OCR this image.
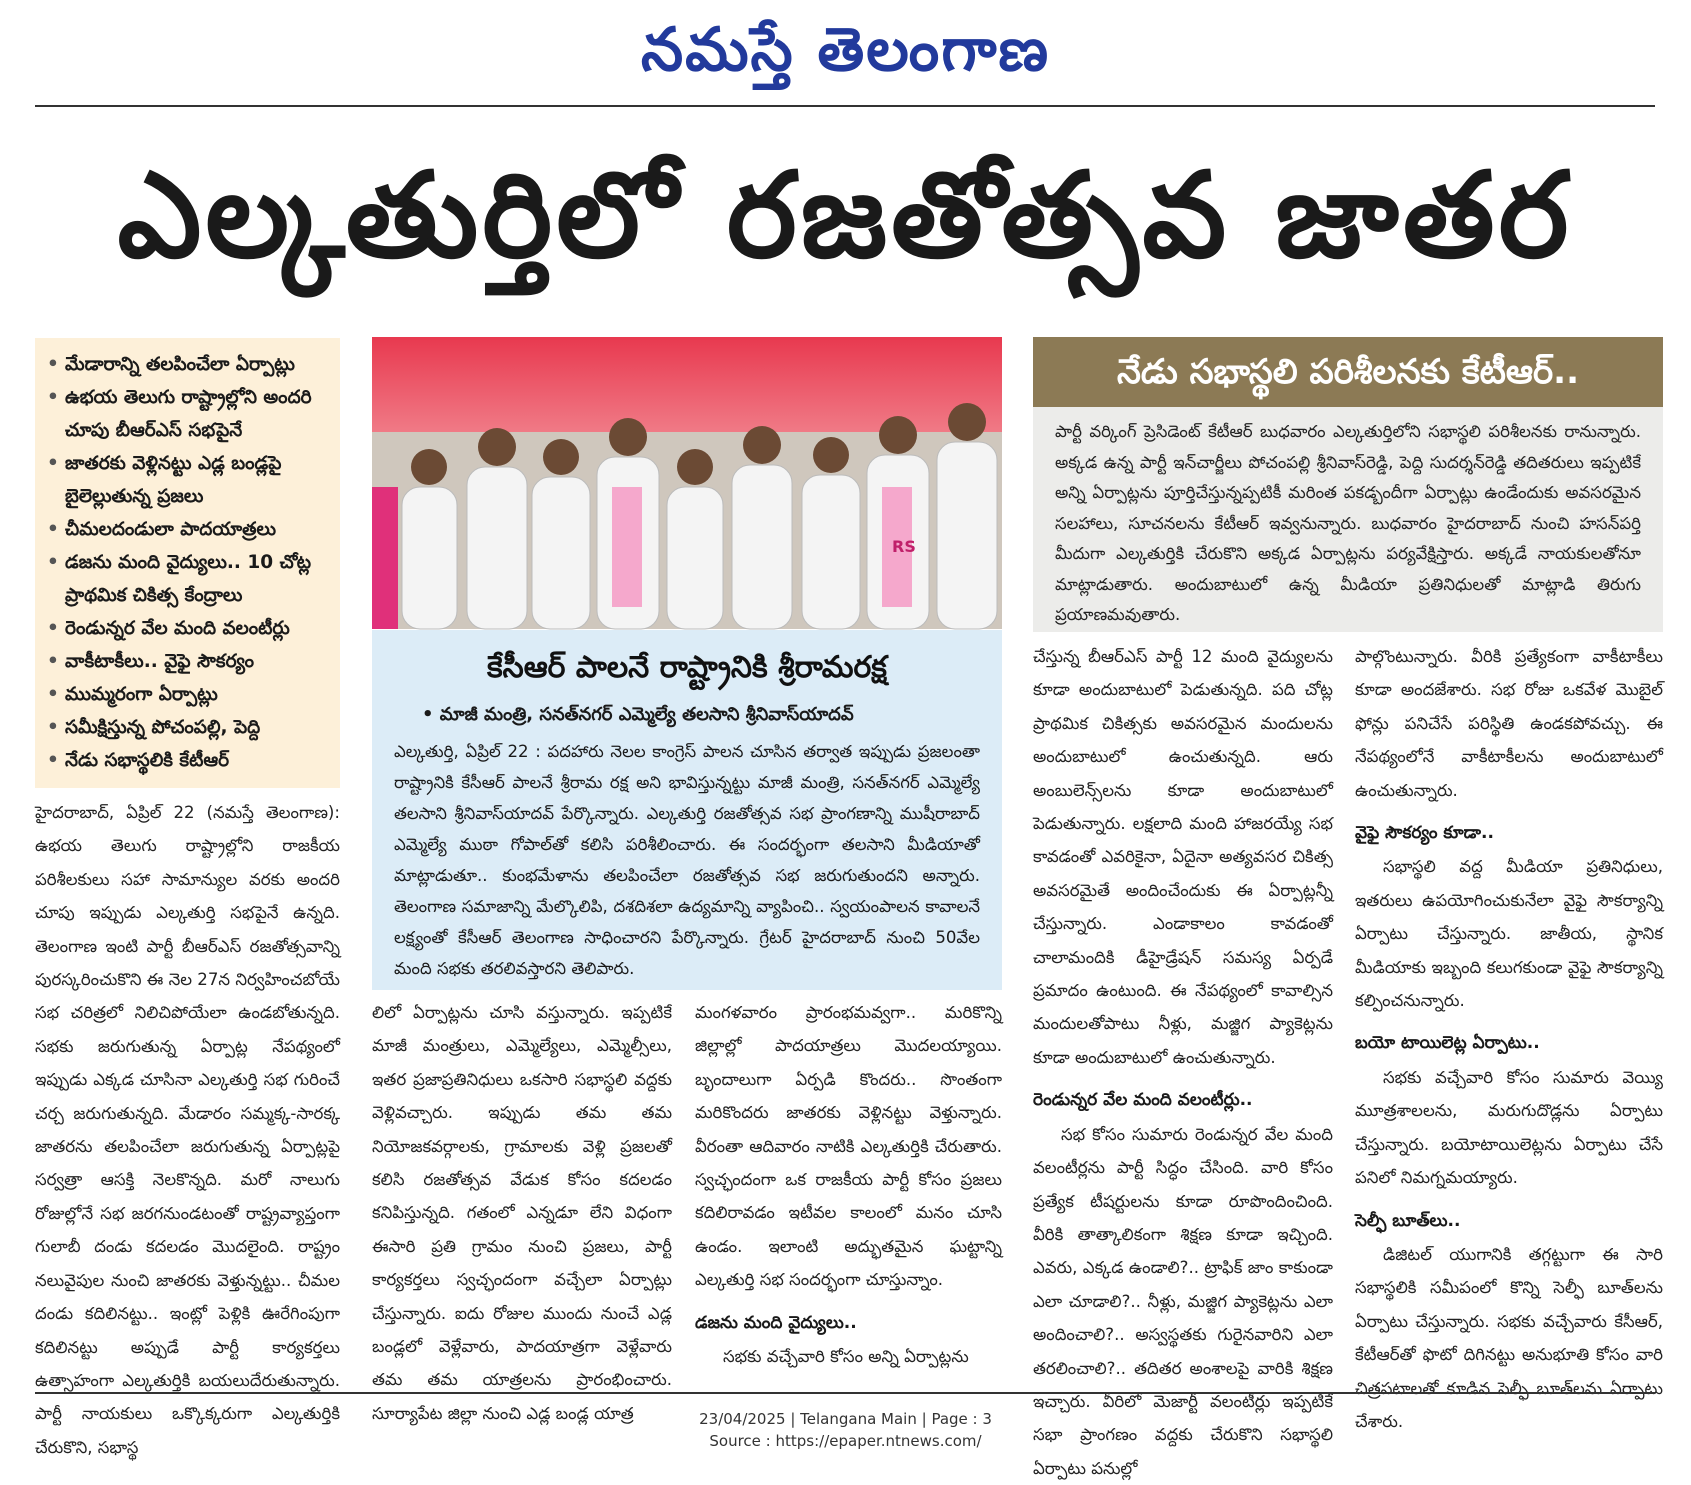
నమస్తే తెలంగాణ
ఎల్కతుర్తిలో రజతోత్సవ జాతర
• మేడారాన్ని తలపించేలా ఏర్పాట్లు
• ఉభయ తెలుగు రాష్ట్రాల్లోని అందరి చూపు బీఆర్ఎస్ సభపైనే
• జాతరకు వెళ్లినట్టు ఎడ్ల బండ్లపై బైలెల్లుతున్న ప్రజలు
• చీమలదండులా పాదయాత్రలు
• డజను మంది వైద్యులు.. 10 చోట్ల ప్రాథమిక చికిత్స కేంద్రాలు
• రెండున్నర వేల మంది వలంటీర్లు
• వాకీటాకీలు.. వైఫై సౌకర్యం
• ముమ్మరంగా ఏర్పాట్లు
• సమీక్షిస్తున్న పోచంపల్లి, పెద్ది
• నేడు సభాస్థలికి కేటీఆర్
హైదరాబాద్‌, ఏప్రిల్‌ 22 (నమస్తే తెలంగాణ): ఉభయ తెలుగు రాష్ట్రాల్లోని రాజకీయ పరిశీలకులు సహా సామాన్యుల వరకు అందరి చూపు ఇప్పుడు ఎల్కతుర్తి సభపైనే ఉన్నది. తెలంగాణ ఇంటి పార్టీ బీఆర్‌ఎస్‌ రజతోత్సవాన్ని పురస్కరించుకొని ఈ నెల 27న నిర్వహించబోయే సభ చరిత్రలో నిలిచిపోయేలా ఉండబోతున్నది. సభకు జరుగుతున్న ఏర్పాట్ల నేపథ్యంలో ఇప్పుడు ఎక్కడ చూసినా ఎల్కతుర్తి సభ గురించే చర్చ జరుగుతున్నది. మేడారం సమ్మక్క-సారక్క జాతరను తలపించేలా జరుగుతున్న ఏర్పాట్లపై సర్వత్రా ఆసక్తి నెలకొన్నది. మరో నాలుగు రోజుల్లోనే సభ జరగనుండటంతో రాష్ట్రవ్యాప్తంగా గులాబీ దండు కదలడం మొదలైంది. రాష్ట్రం నలువైపుల నుంచి జాతరకు వెళ్తున్నట్టు.. చీమల దండు కదిలినట్టు.. ఇంట్లో పెళ్లికి ఊరేగింపుగా కదిలినట్టు అప్పుడే పార్టీ కార్యకర్తలు ఉత్సాహంగా ఎల్కతుర్తికి బయలుదేరుతున్నారు. పార్టీ నాయకులు ఒక్కొక్కరుగా ఎల్కతుర్తికి చేరుకొని, సభాస్థ
లిలో ఏర్పాట్లను చూసి వస్తున్నారు. ఇప్పటికే మాజీ మంత్రులు, ఎమ్మెల్యేలు, ఎమ్మెల్సీలు, ఇతర ప్రజాప్రతినిధులు ఒకసారి సభాస్థలి వద్దకు వెళ్లివచ్చారు. ఇప్పుడు తమ తమ నియోజకవర్గాలకు, గ్రామాలకు వెళ్లి ప్రజలతో కలిసి రజతోత్సవ వేడుక కోసం కదలడం కనిపిస్తున్నది. గతంలో ఎన్నడూ లేని విధంగా ఈసారి ప్రతి గ్రామం నుంచి ప్రజలు, పార్టీ కార్యకర్తలు స్వచ్ఛందంగా వచ్చేలా ఏర్పాట్లు చేస్తున్నారు. ఐదు రోజుల ముందు నుంచే ఎడ్ల బండ్లలో వెళ్లేవారు, పాదయాత్రగా వెళ్లేవారు తమ తమ యాత్రలను ప్రారంభించారు. సూర్యాపేట జిల్లా నుంచి ఎడ్ల బండ్ల యాత్ర
మంగళవారం ప్రారంభమవ్వగా.. మరికొన్ని జిల్లాల్లో పాదయాత్రలు మొదలయ్యాయి. బృందాలుగా ఏర్పడి కొందరు.. సొంతంగా మరికొందరు జాతరకు వెళ్లినట్టు వెళ్తున్నారు. వీరంతా ఆదివారం నాటికి ఎల్కతుర్తికి చేరుతారు. స్వచ్ఛందంగా ఒక రాజకీయ పార్టీ కోసం ప్రజలు కదిలిరావడం ఇటీవల కాలంలో మనం చూసి ఉండం. ఇలాంటి అద్భుతమైన ఘట్టాన్ని ఎల్కతుర్తి సభ సందర్భంగా చూస్తున్నాం.
డజను మంది వైద్యులు..
సభకు వచ్చేవారి కోసం అన్ని ఏర్పాట్లను
RS
కేసీఆర్‌ పాలనే రాష్ట్రానికి శ్రీరామరక్ష
• మాజీ మంత్రి, సనత్‌నగర్‌ ఎమ్మెల్యే తలసాని శ్రీనివాస్‌యాదవ్‌
ఎల్కతుర్తి, ఏప్రిల్‌ 22 : పదహారు నెలల కాంగ్రెస్‌ పాలన చూసిన తర్వాత ఇప్పుడు ప్రజలంతా రాష్ట్రానికి కేసీఆర్‌ పాలనే శ్రీరామ రక్ష అని భావిస్తున్నట్టు మాజీ మంత్రి, సనత్‌నగర్‌ ఎమ్మెల్యే తలసాని శ్రీనివాస్‌యాదవ్‌ పేర్కొన్నారు. ఎల్కతుర్తి రజతోత్సవ సభ ప్రాంగణాన్ని ముషీరాబాద్‌ ఎమ్మెల్యే ముఠా గోపాల్‌తో కలిసి పరిశీలించారు. ఈ సందర్భంగా తలసాని మీడియాతో మాట్లాడుతూ.. కుంభమేళాను తలపించేలా రజతోత్సవ సభ జరుగుతుందని అన్నారు. తెలంగాణ సమాజాన్ని మేల్కొలిపి, దశదిశలా ఉద్యమాన్ని వ్యాపించి.. స్వయంపాలన కావాలనే లక్ష్యంతో కేసీఆర్‌ తెలంగాణ సాధించారని పేర్కొన్నారు. గ్రేటర్‌ హైదరాబాద్‌ నుంచి 50వేల మంది సభకు తరలివస్తారని తెలిపారు.
నేడు సభాస్థలి పరిశీలనకు కేటీఆర్‌..
పార్టీ వర్కింగ్‌ ప్రెసిడెంట్‌ కేటీఆర్‌ బుధవారం ఎల్కతుర్తిలోని సభాస్థలి పరిశీలనకు రానున్నారు. అక్కడ ఉన్న పార్టీ ఇన్‌చార్జీలు పోచంపల్లి శ్రీనివాస్‌రెడ్డి, పెద్ది సుదర్శన్‌రెడ్డి తదితరులు ఇప్పటికే అన్ని ఏర్పాట్లను పూర్తిచేస్తున్నప్పటికీ మరింత పకడ్బందీగా ఏర్పాట్లు ఉండేందుకు అవసరమైన సలహాలు, సూచనలను కేటీఆర్‌ ఇవ్వనున్నారు. బుధవారం హైదరాబాద్‌ నుంచి హసన్‌పర్తి మీదుగా ఎల్కతుర్తికి చేరుకొని అక్కడ ఏర్పాట్లను పర్యవేక్షిస్తారు. అక్కడే నాయకులతోనూ మాట్లాడుతారు. అందుబాటులో ఉన్న మీడియా ప్రతినిధులతో మాట్లాడి తిరుగు ప్రయాణమవుతారు.
చేస్తున్న బీఆర్‌ఎస్‌ పార్టీ 12 మంది వైద్యులను కూడా అందుబాటులో పెడుతున్నది. పది చోట్ల ప్రాథమిక చికిత్సకు అవసరమైన మందులను అందుబాటులో ఉంచుతున్నది. ఆరు అంబులెన్స్‌లను కూడా అందుబాటులో పెడుతున్నారు. లక్షలాది మంది హాజరయ్యే సభ కావడంతో ఎవరికైనా, ఏదైనా అత్యవసర చికిత్స అవసరమైతే అందించేందుకు ఈ ఏర్పాట్లన్నీ చేస్తున్నారు. ఎండాకాలం కావడంతో చాలామందికి డీహైడ్రేషన్‌ సమస్య ఏర్పడే ప్రమాదం ఉంటుంది. ఈ నేపథ్యంలో కావాల్సిన మందులతోపాటు నీళ్లు, మజ్జిగ ప్యాకెట్లను కూడా అందుబాటులో ఉంచుతున్నారు.
రెండున్నర వేల మంది వలంటీర్లు..
సభ కోసం సుమారు రెండున్నర వేల మంది వలంటీర్లను పార్టీ సిద్ధం చేసింది. వారి కోసం ప్రత్యేక టీషర్టులను కూడా రూపొందించింది. వీరికి తాత్కాలికంగా శిక్షణ కూడా ఇచ్చింది. ఎవరు, ఎక్కడ ఉండాలి?.. ట్రాఫిక్‌ జాం కాకుండా ఎలా చూడాలి?.. నీళ్లు, మజ్జిగ ప్యాకెట్లను ఎలా అందించాలి?.. అస్వస్థతకు గురైనవారిని ఎలా తరలించాలి?.. తదితర అంశాలపై వారికి శిక్షణ ఇచ్చారు. వీరిలో మెజార్టీ వలంటీర్లు ఇప్పటికే సభా ప్రాంగణం వద్దకు చేరుకొని సభాస్థలి ఏర్పాటు పనుల్లో
పాల్గొంటున్నారు. వీరికి ప్రత్యేకంగా వాకీటాకీలు కూడా అందజేశారు. సభ రోజు ఒకవేళ మొబైల్‌ ఫోన్లు పనిచేసే పరిస్థితి ఉండకపోవచ్చు. ఈ నేపథ్యంలోనే వాకీటాకీలను అందుబాటులో ఉంచుతున్నారు.
వైఫై సౌకర్యం కూడా..
సభాస్థలి వద్ద మీడియా ప్రతినిధులు, ఇతరులు ఉపయోగించుకునేలా వైఫై సౌకర్యాన్ని ఏర్పాటు చేస్తున్నారు. జాతీయ, స్థానిక మీడియాకు ఇబ్బంది కలుగకుండా వైఫై సౌకర్యాన్ని కల్పించనున్నారు.
బయో టాయిలెట్ల ఏర్పాటు..
సభకు వచ్చేవారి కోసం సుమారు వెయ్యి మూత్రశాలలను, మరుగుదొడ్లను ఏర్పాటు చేస్తున్నారు. బయోటాయిలెట్లను ఏర్పాటు చేసే పనిలో నిమగ్నమయ్యారు.
సెల్ఫీ బూత్‌లు..
డిజిటల్‌ యుగానికి తగ్గట్టుగా ఈ సారి సభాస్థలికి సమీపంలో కొన్ని సెల్ఫీ బూత్‌లను ఏర్పాటు చేస్తున్నారు. సభకు వచ్చేవారు కేసీఆర్‌, కేటీఆర్‌తో ఫొటో దిగినట్టు అనుభూతి కోసం వారి చిత్రపటాలతో కూడిన సెల్ఫీ బూత్‌లను ఏర్పాటు చేశారు.
23/04/2025 | Telangana Main | Page : 3
Source : https://epaper.ntnews.com/
